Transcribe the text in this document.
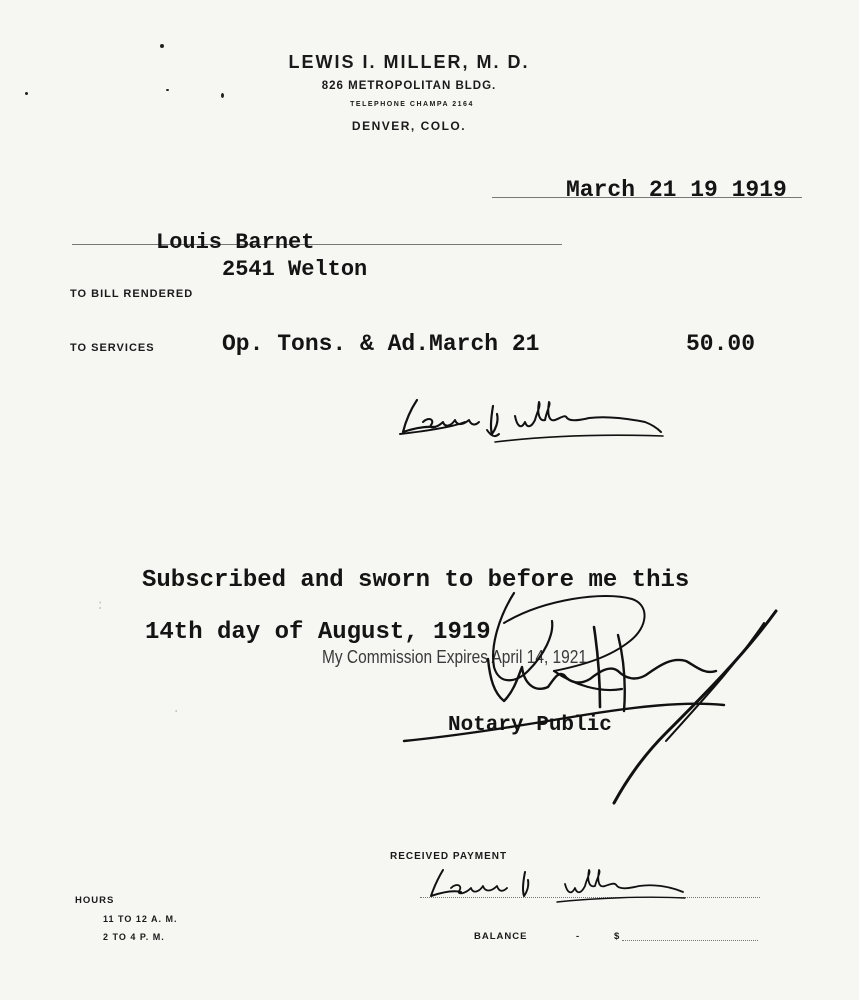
LEWIS I. MILLER, M. D.
826 METROPOLITAN BLDG.
TELEPHONE CHAMPA 2164
DENVER, COLO.
March 21 19 1919
Louis Barnet
2541 Welton
TO BILL RENDERED
TO SERVICES	Op. Tons. & Ad.March 21	50.00
:
·
Subscribed and sworn to before me this
14th day of August, 1919
My Commission Expires April 14, 1921
Notary Public
RECEIVED PAYMENT
HOURS
11 TO 12 A. M.
2 TO 4 P. M.	BALANCE	-	$
